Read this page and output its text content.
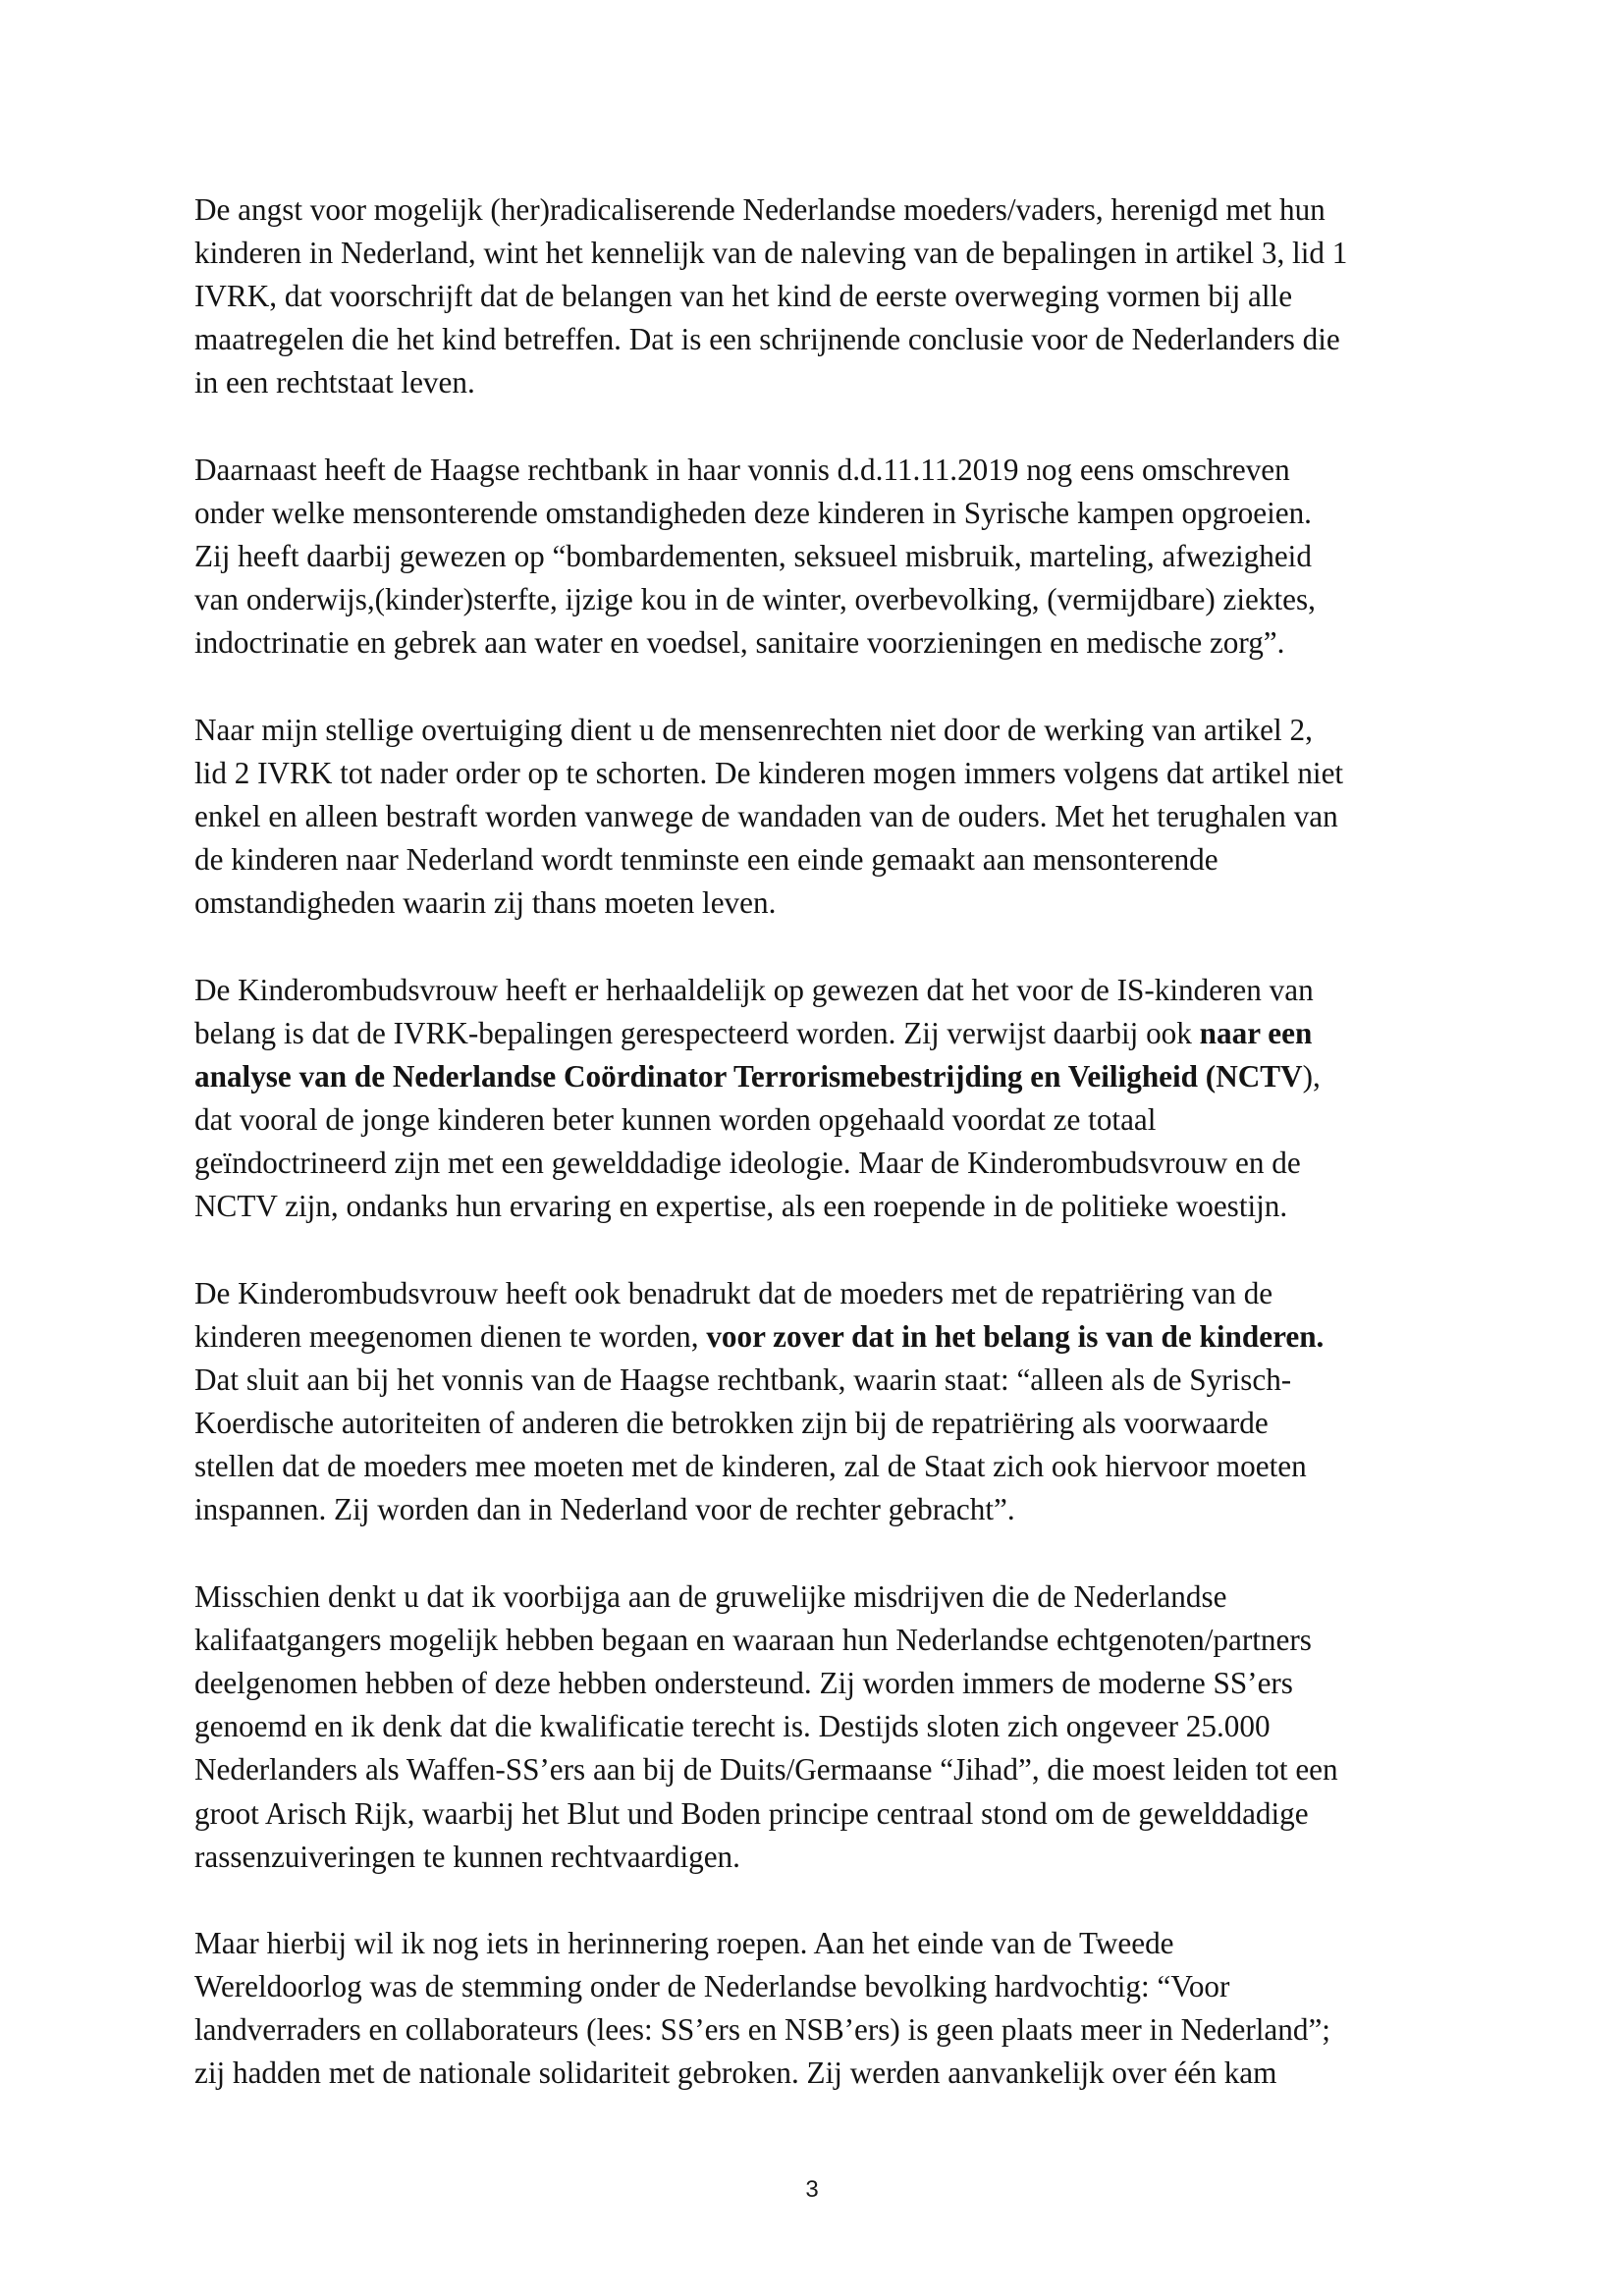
De angst voor mogelijk (her)radicaliserende Nederlandse moeders/vaders, herenigd met hun
kinderen in Nederland, wint het kennelijk van de naleving van de bepalingen in artikel 3, lid 1
IVRK, dat voorschrijft dat de belangen van het kind de eerste overweging vormen bij alle
maatregelen die het kind betreffen. Dat is een schrijnende conclusie voor de Nederlanders die
in een rechtstaat leven.

Daarnaast heeft de Haagse rechtbank in haar vonnis d.d.11.11.2019 nog eens omschreven
onder welke mensonterende omstandigheden deze kinderen in Syrische kampen opgroeien.
Zij heeft daarbij gewezen op “bombardementen, seksueel misbruik, marteling, afwezigheid
van onderwijs,(kinder)sterfte, ijzige kou in de winter, overbevolking, (vermijdbare) ziektes,
indoctrinatie en gebrek aan water en voedsel, sanitaire voorzieningen en medische zorg”.

Naar mijn stellige overtuiging dient u de mensenrechten niet door de werking van artikel 2,
lid 2 IVRK tot nader order op te schorten. De kinderen mogen immers volgens dat artikel niet
enkel en alleen bestraft worden vanwege de wandaden van de ouders. Met het terughalen van
de kinderen naar Nederland wordt tenminste een einde gemaakt aan mensonterende
omstandigheden waarin zij thans moeten leven.

De Kinderombudsvrouw heeft er herhaaldelijk op gewezen dat het voor de IS-kinderen van
belang is dat de IVRK-bepalingen gerespecteerd worden. Zij verwijst daarbij ook naar een
analyse van de Nederlandse Coördinator Terrorismebestrijding en Veiligheid (NCTV),
dat vooral de jonge kinderen beter kunnen worden opgehaald voordat ze totaal
geïndoctrineerd zijn met een gewelddadige ideologie. Maar de Kinderombudsvrouw en de
NCTV zijn, ondanks hun ervaring en expertise, als een roepende in de politieke woestijn.

De Kinderombudsvrouw heeft ook benadrukt dat de moeders met de repatriëring van de
kinderen meegenomen dienen te worden, voor zover dat in het belang is van de kinderen.
Dat sluit aan bij het vonnis van de Haagse rechtbank, waarin staat: “alleen als de Syrisch-
Koerdische autoriteiten of anderen die betrokken zijn bij de repatriëring als voorwaarde
stellen dat de moeders mee moeten met de kinderen, zal de Staat zich ook hiervoor moeten
inspannen. Zij worden dan in Nederland voor de rechter gebracht”.

Misschien denkt u dat ik voorbijga aan de gruwelijke misdrijven die de Nederlandse
kalifaatgangers mogelijk hebben begaan en waaraan hun Nederlandse echtgenoten/partners
deelgenomen hebben of deze hebben ondersteund. Zij worden immers de moderne SS’ers
genoemd en ik denk dat die kwalificatie terecht is. Destijds sloten zich ongeveer 25.000
Nederlanders als Waffen-SS’ers aan bij de Duits/Germaanse “Jihad”, die moest leiden tot een
groot Arisch Rijk, waarbij het Blut und Boden principe centraal stond om de gewelddadige
rassenzuiveringen te kunnen rechtvaardigen.

Maar hierbij wil ik nog iets in herinnering roepen. Aan het einde van de Tweede
Wereldoorlog was de stemming onder de Nederlandse bevolking hardvochtig: “Voor
landverraders en collaborateurs (lees: SS’ers en NSB’ers) is geen plaats meer in Nederland”;
zij hadden met de nationale solidariteit gebroken. Zij werden aanvankelijk over één kam

3
